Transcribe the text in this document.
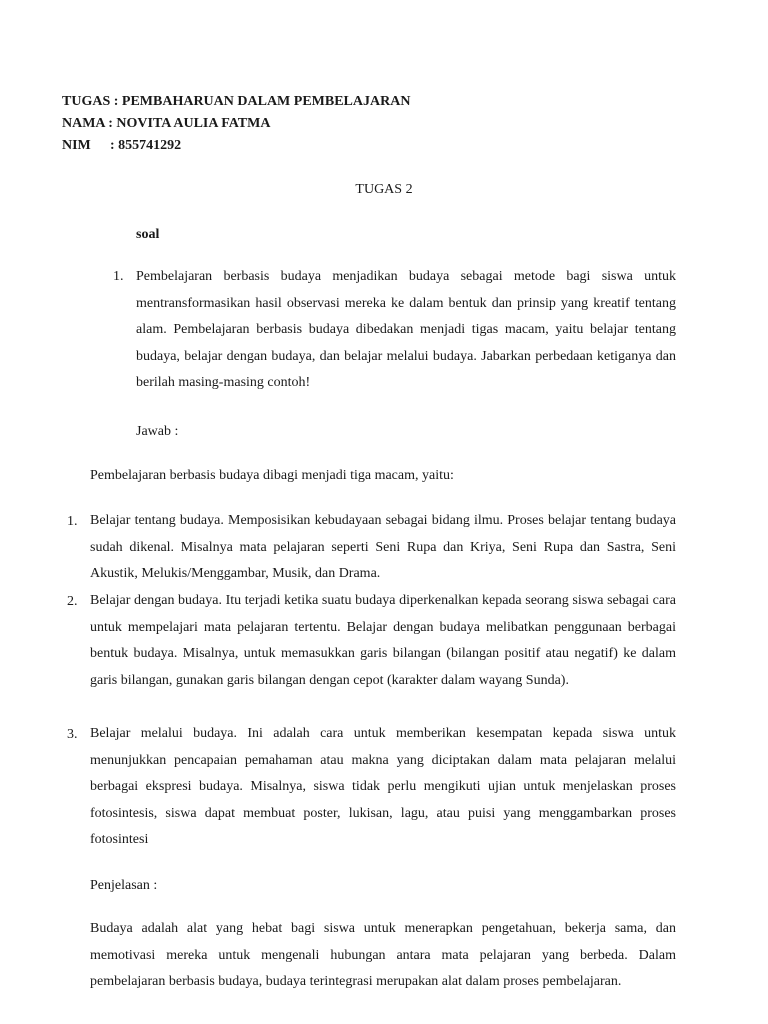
TUGAS : PEMBAHARUAN DALAM PEMBELAJARAN
NAMA : NOVITA AULIA FATMA
NIM : 855741292
TUGAS 2
soal
1. Pembelajaran berbasis budaya menjadikan budaya sebagai metode bagi siswa untuk mentransformasikan hasil observasi mereka ke dalam bentuk dan prinsip yang kreatif tentang alam. Pembelajaran berbasis budaya dibedakan menjadi tigas macam, yaitu belajar tentang budaya, belajar dengan budaya, dan belajar melalui budaya. Jabarkan perbedaan ketiganya dan berilah masing-masing contoh!
Jawab :
Pembelajaran berbasis budaya dibagi menjadi tiga macam, yaitu:
1. Belajar tentang budaya. Memposisikan kebudayaan sebagai bidang ilmu. Proses belajar tentang budaya sudah dikenal. Misalnya mata pelajaran seperti Seni Rupa dan Kriya, Seni Rupa dan Sastra, Seni Akustik, Melukis/Menggambar, Musik, dan Drama.
2. Belajar dengan budaya. Itu terjadi ketika suatu budaya diperkenalkan kepada seorang siswa sebagai cara untuk mempelajari mata pelajaran tertentu. Belajar dengan budaya melibatkan penggunaan berbagai bentuk budaya. Misalnya, untuk memasukkan garis bilangan (bilangan positif atau negatif) ke dalam garis bilangan, gunakan garis bilangan dengan cepot (karakter dalam wayang Sunda).
3. Belajar melalui budaya. Ini adalah cara untuk memberikan kesempatan kepada siswa untuk menunjukkan pencapaian pemahaman atau makna yang diciptakan dalam mata pelajaran melalui berbagai ekspresi budaya. Misalnya, siswa tidak perlu mengikuti ujian untuk menjelaskan proses fotosintesis, siswa dapat membuat poster, lukisan, lagu, atau puisi yang menggambarkan proses fotosintesi
Penjelasan :
Budaya adalah alat yang hebat bagi siswa untuk menerapkan pengetahuan, bekerja sama, dan memotivasi mereka untuk mengenali hubungan antara mata pelajaran yang berbeda. Dalam pembelajaran berbasis budaya, budaya terintegrasi merupakan alat dalam proses pembelajaran.
